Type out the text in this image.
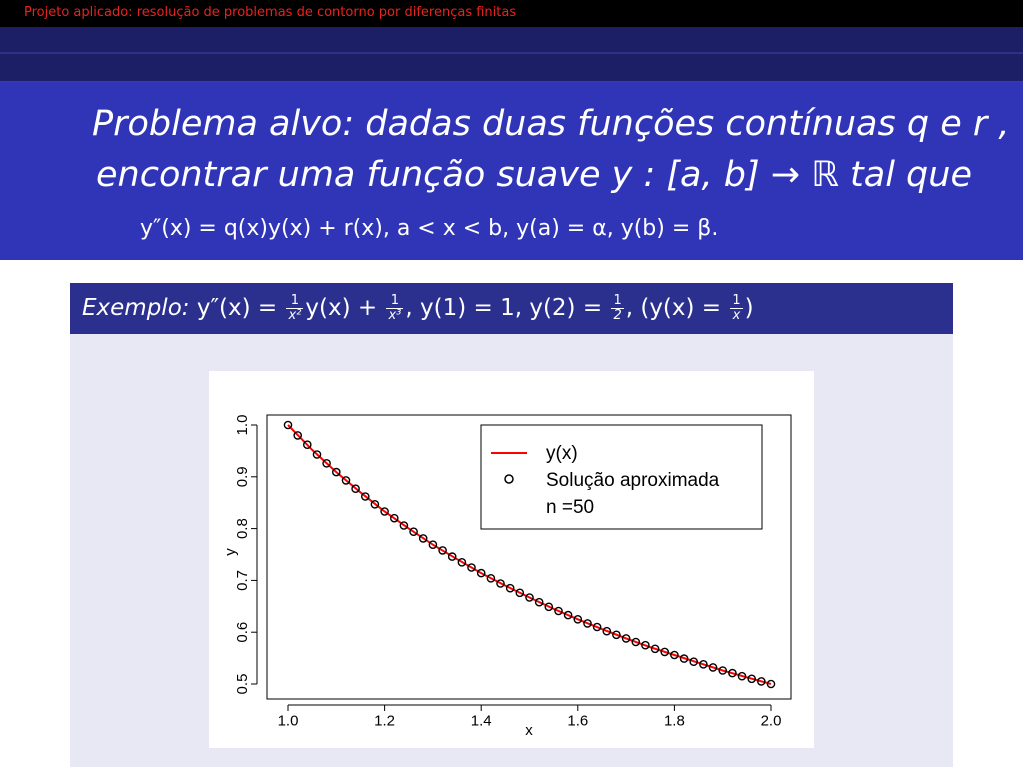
Projeto aplicado: resolução de problemas de contorno por diferenças finitas
Problema alvo: dadas duas funções contínuas q e r ,
encontrar uma função suave y : [a, b] → ℝ tal que
y″(x) = q(x)y(x) + r(x), a < x < b, y(a) = α, y(b) = β.
Exemplo: $y''(x) = \frac{1}{\text{x²}} y(x) + \frac{1}{\text{x³}}$ , y(1) = 1, $y(2) = \frac{1}{2}$ , ($y(x) = \frac{1}{x}$ )
0.5
0.6
0.7
0.8
0.9
1.0
1.0	1.2	1.4	1.6	1.8	2.0
y(x)
Solução aproximada
n =50
x
y
